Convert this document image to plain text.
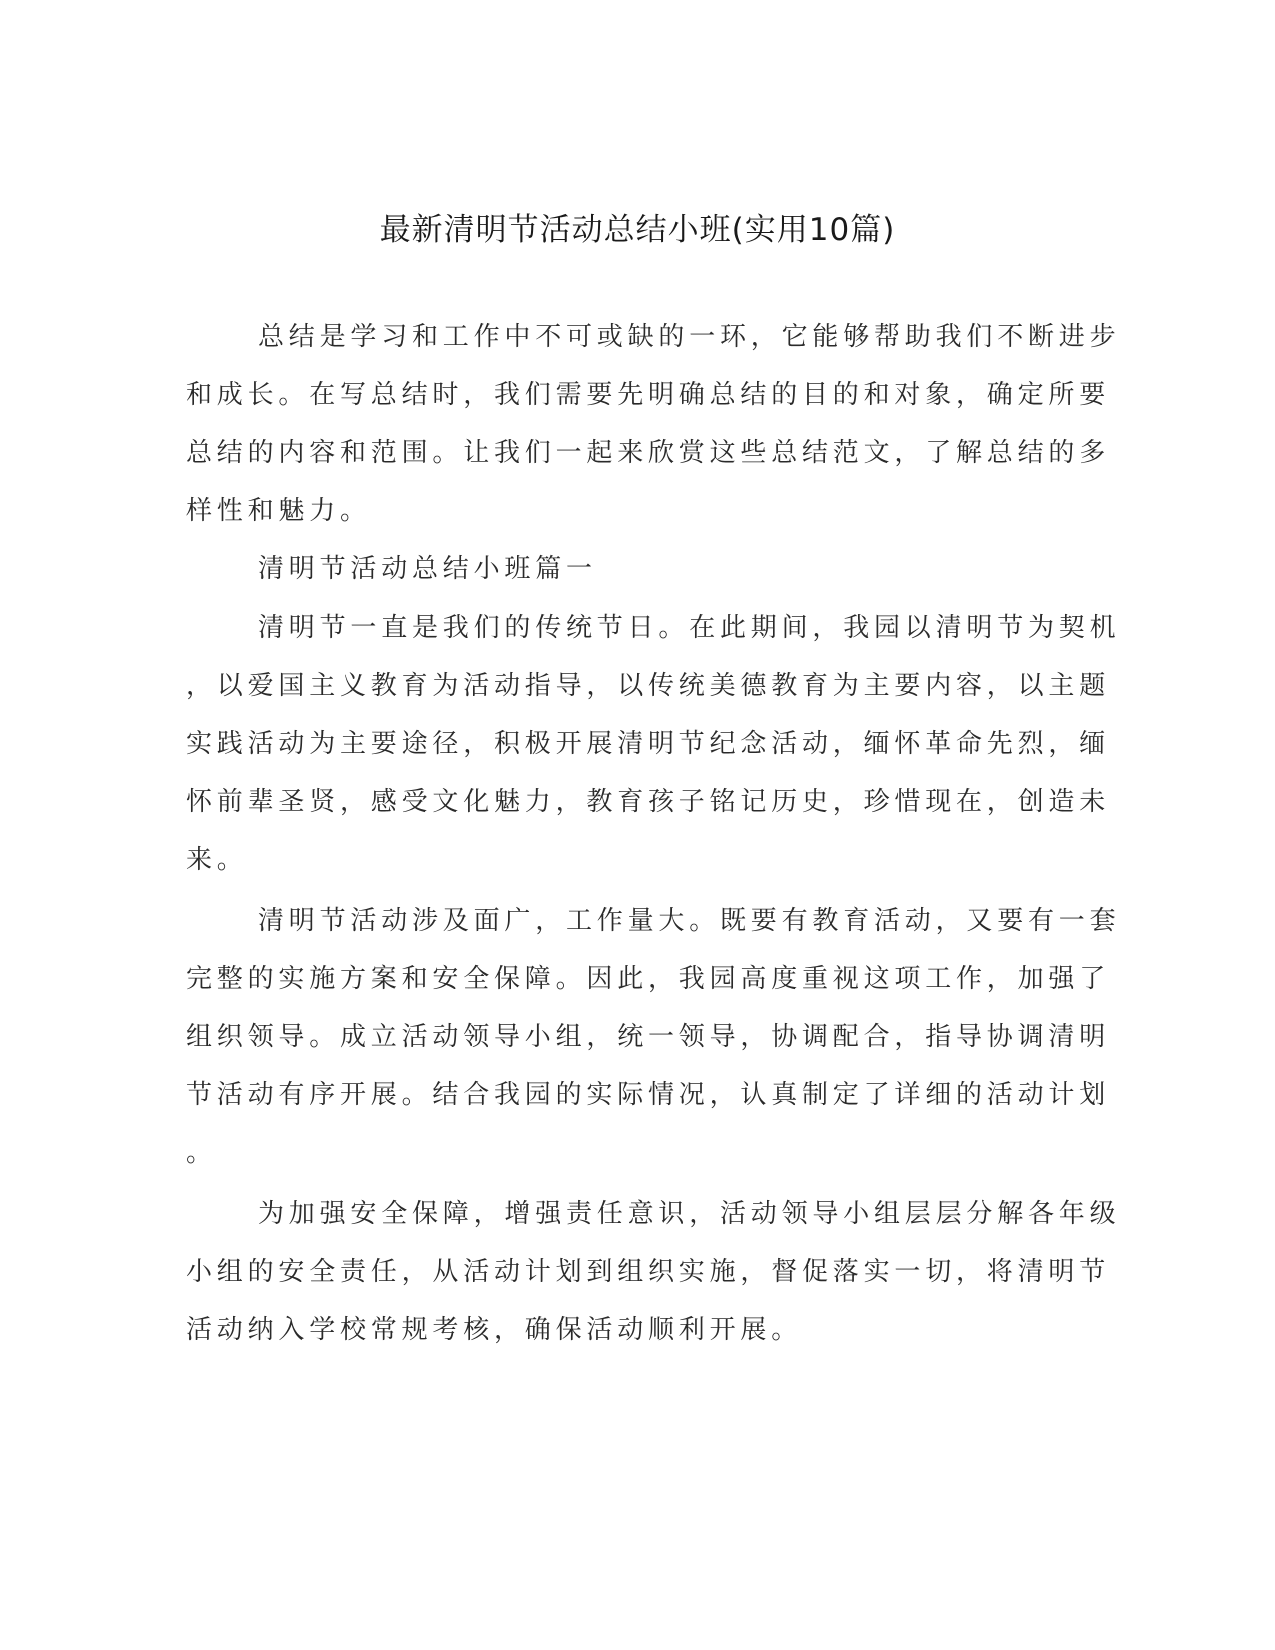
最新清明节活动总结小班(实用10篇)
总结是学习和工作中不可或缺的一环，它能够帮助我们不断进步
和成长。在写总结时，我们需要先明确总结的目的和对象，确定所要
总结的内容和范围。让我们一起来欣赏这些总结范文，了解总结的多
样性和魅力。
清明节活动总结小班篇一
清明节一直是我们的传统节日。在此期间，我园以清明节为契机
，以爱国主义教育为活动指导，以传统美德教育为主要内容，以主题
实践活动为主要途径，积极开展清明节纪念活动，缅怀革命先烈，缅
怀前辈圣贤，感受文化魅力，教育孩子铭记历史，珍惜现在，创造未
来。
清明节活动涉及面广，工作量大。既要有教育活动，又要有一套
完整的实施方案和安全保障。因此，我园高度重视这项工作，加强了
组织领导。成立活动领导小组，统一领导，协调配合，指导协调清明
节活动有序开展。结合我园的实际情况，认真制定了详细的活动计划
。
为加强安全保障，增强责任意识，活动领导小组层层分解各年级
小组的安全责任，从活动计划到组织实施，督促落实一切，将清明节
活动纳入学校常规考核，确保活动顺利开展。
